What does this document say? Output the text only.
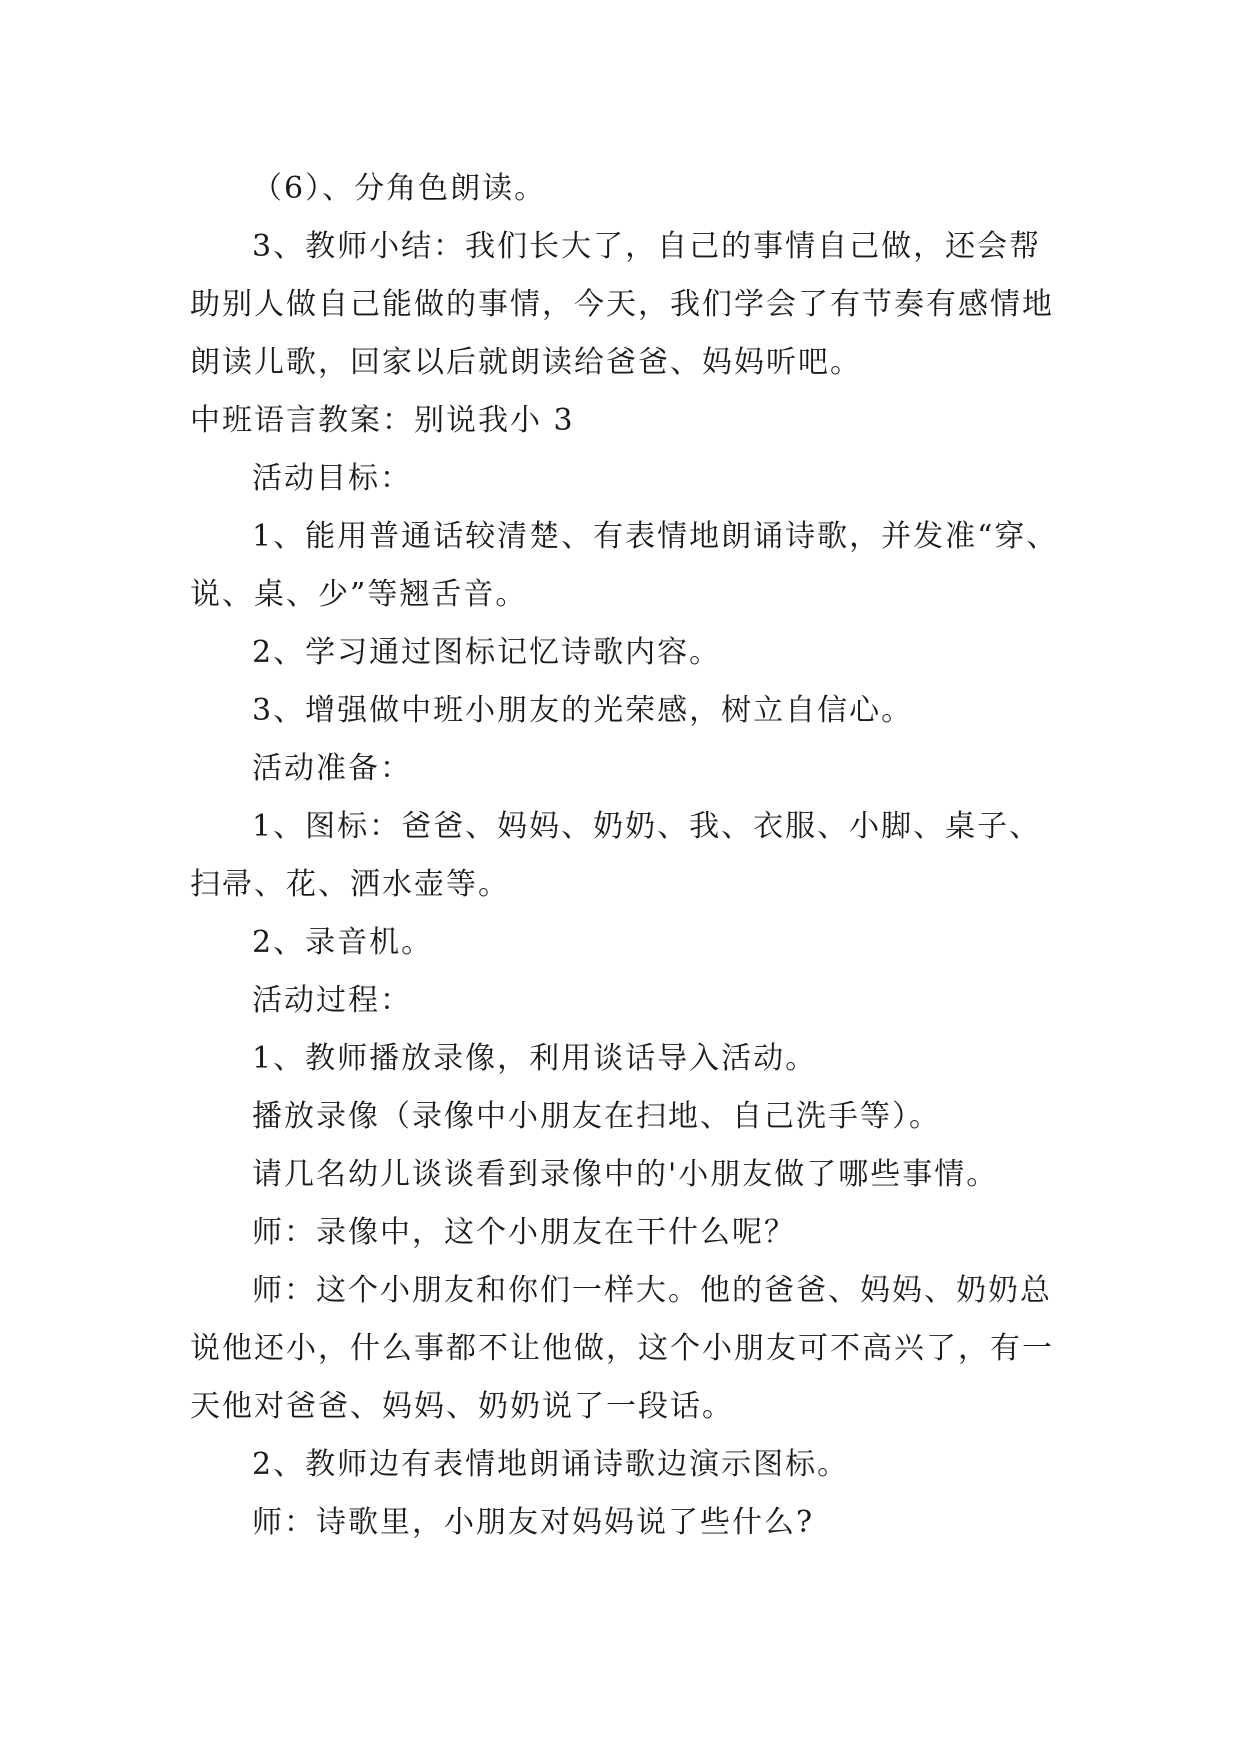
（6）、分角色朗读。

3、教师小结：我们长大了，自己的事情自己做，还会帮助别人做自己能做的事情，今天，我们学会了有节奏有感情地朗读儿歌，回家以后就朗读给爸爸、妈妈听吧。

中班语言教案：别说我小 3

活动目标：

1、能用普通话较清楚、有表情地朗诵诗歌，并发准“穿、说、桌、少”等翘舌音。

2、学习通过图标记忆诗歌内容。

3、增强做中班小朋友的光荣感，树立自信心。

活动准备：

1、图标：爸爸、妈妈、奶奶、我、衣服、小脚、桌子、扫帚、花、洒水壶等。

2、录音机。

活动过程：

1、教师播放录像，利用谈话导入活动。

播放录像（录像中小朋友在扫地、自己洗手等）。

请几名幼儿谈谈看到录像中的'小朋友做了哪些事情。

师：录像中，这个小朋友在干什么呢？

师：这个小朋友和你们一样大。他的爸爸、妈妈、奶奶总说他还小，什么事都不让他做，这个小朋友可不高兴了，有一天他对爸爸、妈妈、奶奶说了一段话。

2、教师边有表情地朗诵诗歌边演示图标。

师：诗歌里，小朋友对妈妈说了些什么?
